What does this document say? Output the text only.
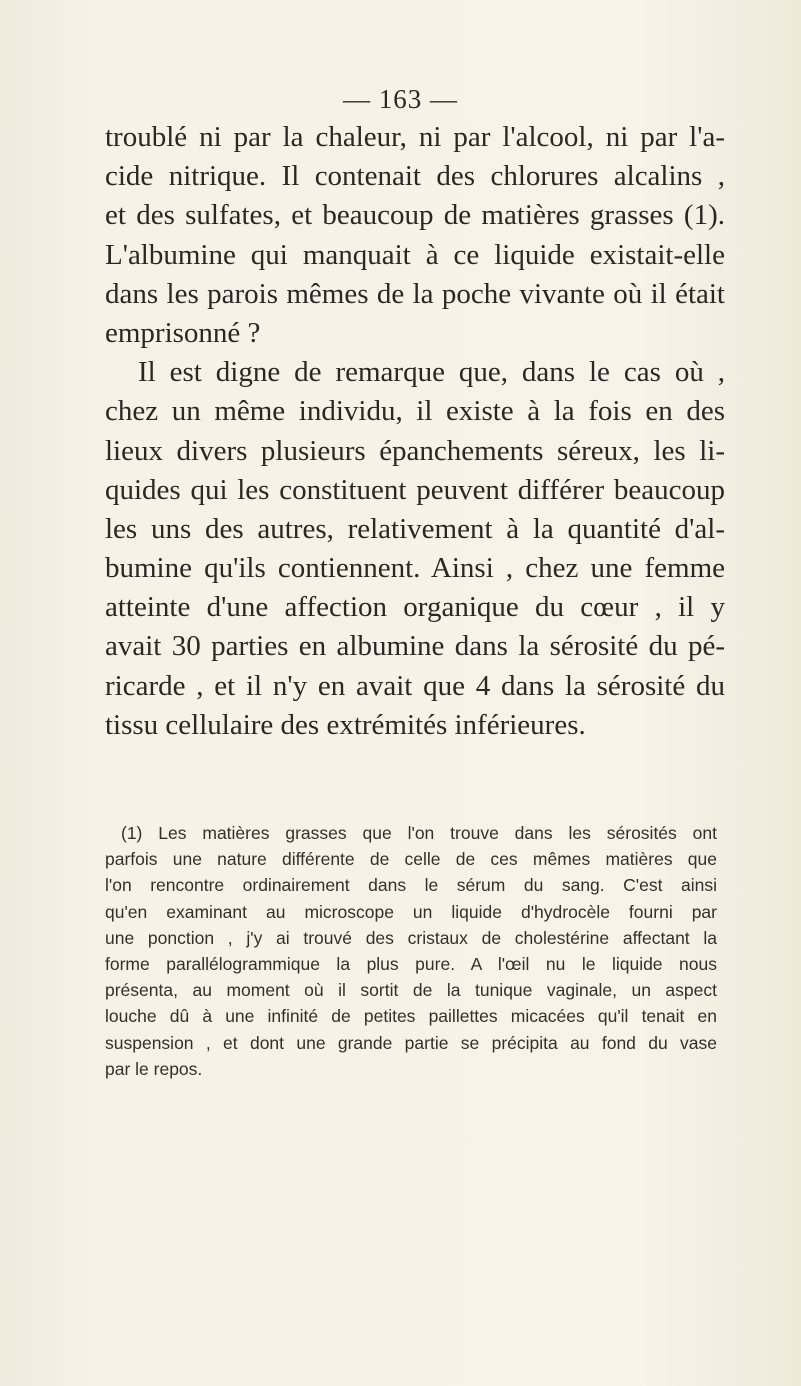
— 163 —
troublé ni par la chaleur, ni par l'alcool, ni par l'a-
cide nitrique. Il contenait des chlorures alcalins ,
et des sulfates, et beaucoup de matières grasses (1).
L'albumine qui manquait à ce liquide existait-elle
dans les parois mêmes de la poche vivante où il était
emprisonné ?
Il est digne de remarque que, dans le cas où ,
chez un même individu, il existe à la fois en des
lieux divers plusieurs épanchements séreux, les li-
quides qui les constituent peuvent différer beaucoup
les uns des autres, relativement à la quantité d'al-
bumine qu'ils contiennent. Ainsi , chez une femme
atteinte d'une affection organique du cœur , il y
avait 30 parties en albumine dans la sérosité du pé-
ricarde , et il n'y en avait que 4 dans la sérosité du
tissu cellulaire des extrémités inférieures.
(1) Les matières grasses que l'on trouve dans les sérosités ont
parfois une nature différente de celle de ces mêmes matières que
l'on rencontre ordinairement dans le sérum du sang. C'est ainsi
qu'en examinant au microscope un liquide d'hydrocèle fourni par
une ponction , j'y ai trouvé des cristaux de cholestérine affectant la
forme parallélogrammique la plus pure. A l'œil nu le liquide nous
présenta, au moment où il sortit de la tunique vaginale, un aspect
louche dû à une infinité de petites paillettes micacées qu'il tenait en
suspension , et dont une grande partie se précipita au fond du vase
par le repos.
